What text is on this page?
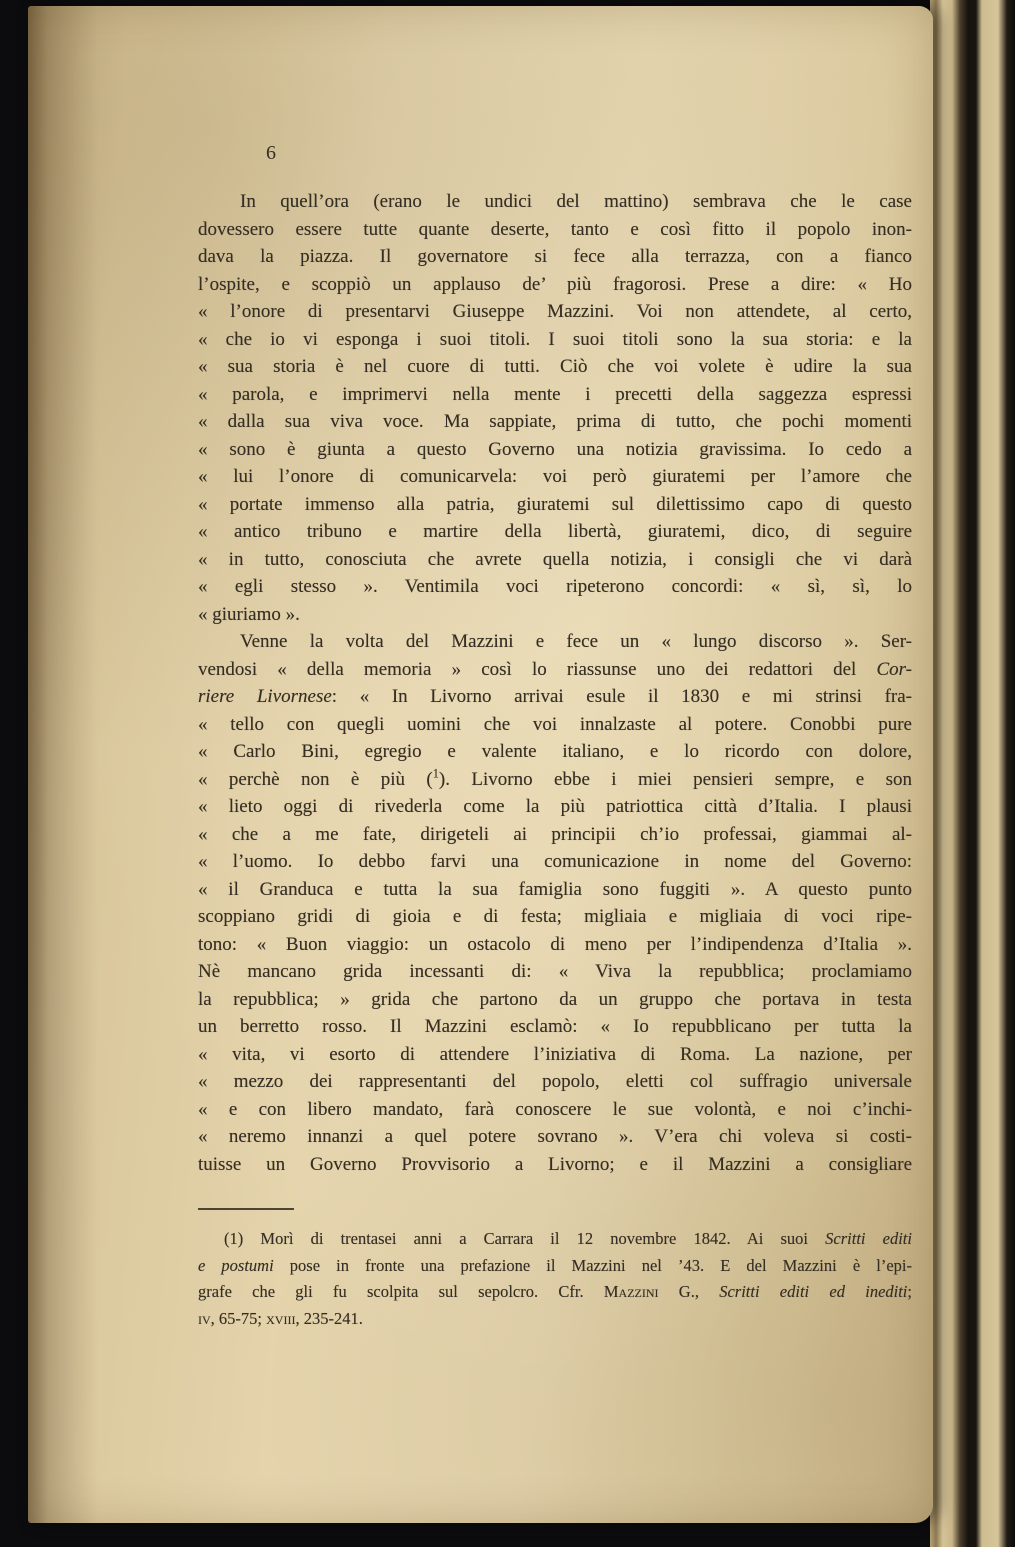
6
In quell’ora (erano le undici del mattino) sembrava che le case
dovessero essere tutte quante deserte, tanto e così fitto il popolo inon-
dava la piazza. Il governatore si fece alla terrazza, con a fianco
l’ospite, e scoppiò un applauso de’ più fragorosi. Prese a dire: « Ho
« l’onore di presentarvi Giuseppe Mazzini. Voi non attendete, al certo,
« che io vi esponga i suoi titoli. I suoi titoli sono la sua storia: e la
« sua storia è nel cuore di tutti. Ciò che voi volete è udire la sua
« parola, e imprimervi nella mente i precetti della saggezza espressi
« dalla sua viva voce. Ma sappiate, prima di tutto, che pochi momenti
« sono è giunta a questo Governo una notizia gravissima. Io cedo a
« lui l’onore di comunicarvela: voi però giuratemi per l’amore che
« portate immenso alla patria, giuratemi sul dilettissimo capo di questo
« antico tribuno e martire della libertà, giuratemi, dico, di seguire
« in tutto, conosciuta che avrete quella notizia, i consigli che vi darà
« egli stesso ». Ventimila voci ripeterono concordi: « sì, sì, lo
« giuriamo ».
Venne la volta del Mazzini e fece un « lungo discorso ». Ser-
vendosi « della memoria » così lo riassunse uno dei redattori del Cor-
riere Livornese: « In Livorno arrivai esule il 1830 e mi strinsi fra-
« tello con quegli uomini che voi innalzaste al potere. Conobbi pure
« Carlo Bini, egregio e valente italiano, e lo ricordo con dolore,
« perchè non è più ($^1$). Livorno ebbe i miei pensieri sempre, e son
« lieto oggi di rivederla come la più patriottica città d’Italia. I plausi
« che a me fate, dirigeteli ai principii ch’io professai, giammai al-
« l’uomo. Io debbo farvi una comunicazione in nome del Governo:
« il Granduca e tutta la sua famiglia sono fuggiti ». A questo punto
scoppiano gridi di gioia e di festa; migliaia e migliaia di voci ripe-
tono: « Buon viaggio: un ostacolo di meno per l’indipendenza d’Italia ».
Nè mancano grida incessanti di: « Viva la repubblica; proclamiamo
la repubblica; » grida che partono da un gruppo che portava in testa
un berretto rosso. Il Mazzini esclamò: « Io repubblicano per tutta la
« vita, vi esorto di attendere l’iniziativa di Roma. La nazione, per
« mezzo dei rappresentanti del popolo, eletti col suffragio universale
« e con libero mandato, farà conoscere le sue volontà, e noi c’inchi-
« neremo innanzi a quel potere sovrano ». V’era chi voleva si costi-
tuisse un Governo Provvisorio a Livorno; e il Mazzini a consigliare
(1) Morì di trentasei anni a Carrara il 12 novembre 1842. Ai suoi Scritti editi
e postumi pose in fronte una prefazione il Mazzini nel ’43. E del Mazzini è l’epi-
grafe che gli fu scolpita sul sepolcro. Cfr. Mazzini G., Scritti editi ed inediti;
iv, 65-75; xviii, 235-241.
